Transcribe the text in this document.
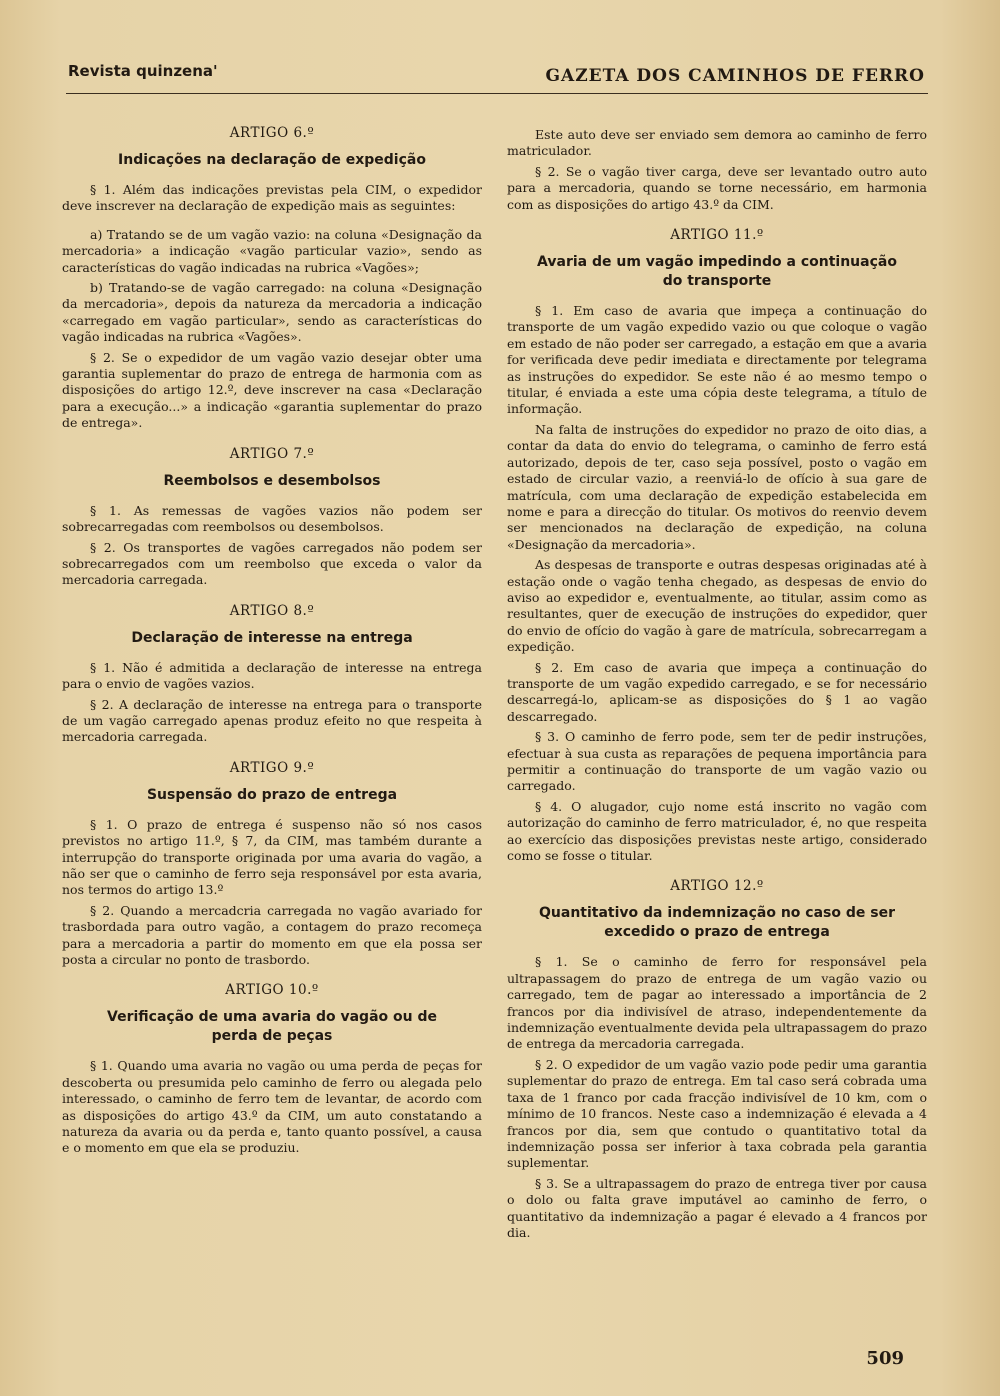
Revista quinzena'	GAZETA DOS CAMINHOS DE FERRO
ARTIGO 6.º
Indicações na declaração de expedição

§ 1. Além das indicações previstas pela CIM, o expedidor deve inscrever na declaração de expedição mais as seguintes:

a) Tratando se de um vagão vazio: na coluna «Designação da mercadoria» a indicação «vagão particular vazio», sendo as características do vagão indicadas na rubrica «Vagões»;

b) Tratando-se de vagão carregado: na coluna «Designação da mercadoria», depois da natureza da mercadoria a indicação «carregado em vagão particular», sendo as características do vagão indicadas na rubrica «Vagões».

§ 2. Se o expedidor de um vagão vazio desejar obter uma garantia suplementar do prazo de entrega de harmonia com as disposições do artigo 12.º, deve inscrever na casa «Declaração para a execução...» a indicação «garantia suplementar do prazo de entrega».

ARTIGO 7.º
Reembolsos e desembolsos

§ 1. As remessas de vagões vazios não podem ser sobrecarregadas com reembolsos ou desembolsos.

§ 2. Os transportes de vagões carregados não podem ser sobrecarregados com um reembolso que exceda o valor da mercadoria carregada.

ARTIGO 8.º
Declaração de interesse na entrega

§ 1. Não é admitida a declaração de interesse na entrega para o envio de vagões vazios.

§ 2. A declaração de interesse na entrega para o transporte de um vagão carregado apenas produz efeito no que respeita à mercadoria carregada.

ARTIGO 9.º
Suspensão do prazo de entrega

§ 1. O prazo de entrega é suspenso não só nos casos previstos no artigo 11.º, § 7, da CIM, mas também durante a interrupção do transporte originada por uma avaria do vagão, a não ser que o caminho de ferro seja responsável por esta avaria, nos termos do artigo 13.º

§ 2. Quando a mercadcria carregada no vagão avariado for trasbordada para outro vagão, a contagem do prazo recomeça para a mercadoria a partir do momento em que ela possa ser posta a circular no ponto de trasbordo.

ARTIGO 10.º
Verificação de uma avaria do vagão ou de
perda de peças

§ 1. Quando uma avaria no vagão ou uma perda de peças for descoberta ou presumida pelo caminho de ferro ou alegada pelo interessado, o caminho de ferro tem de levantar, de acordo com as disposições do artigo 43.º da CIM, um auto constatando a natureza da avaria ou da perda e, tanto quanto possível, a causa e o momento em que ela se produziu.

Este auto deve ser enviado sem demora ao caminho de ferro matriculador.

§ 2. Se o vagão tiver carga, deve ser levantado outro auto para a mercadoria, quando se torne necessário, em harmonia com as disposições do artigo 43.º da CIM.

ARTIGO 11.º
Avaria de um vagão impedindo a continuação
do transporte

§ 1. Em caso de avaria que impeça a continuação do transporte de um vagão expedido vazio ou que coloque o vagão em estado de não poder ser carregado, a estação em que a avaria for verificada deve pedir imediata e directamente por telegrama as instruções do expedidor. Se este não é ao mesmo tempo o titular, é enviada a este uma cópia deste telegrama, a título de informação.

Na falta de instruções do expedidor no prazo de oito dias, a contar da data do envio do telegrama, o caminho de ferro está autorizado, depois de ter, caso seja possível, posto o vagão em estado de circular vazio, a reenviá-lo de ofício à sua gare de matrícula, com uma declaração de expedição estabelecida em nome e para a direcção do titular. Os motivos do reenvio devem ser mencionados na declaração de expedição, na coluna «Designação da mercadoria».

As despesas de transporte e outras despesas originadas até à estação onde o vagão tenha chegado, as despesas de envio do aviso ao expedidor e, eventualmente, ao titular, assim como as resultantes, quer de execução de instruções do expedidor, quer do envio de ofício do vagão à gare de matrícula, sobrecarregam a expedição.

§ 2. Em caso de avaria que impeça a continuação do transporte de um vagão expedido carregado, e se for necessário descarregá-lo, aplicam-se as disposições do § 1 ao vagão descarregado.

§ 3. O caminho de ferro pode, sem ter de pedir instruções, efectuar à sua custa as reparações de pequena importância para permitir a continuação do transporte de um vagão vazio ou carregado.

§ 4. O alugador, cujo nome está inscrito no vagão com autorização do caminho de ferro matriculador, é, no que respeita ao exercício das disposições previstas neste artigo, considerado como se fosse o titular.

ARTIGO 12.º
Quantitativo da indemnização no caso de ser
excedido o prazo de entrega

§ 1. Se o caminho de ferro for responsável pela ultrapassagem do prazo de entrega de um vagão vazio ou carregado, tem de pagar ao interessado a importância de 2 francos por dia indivisível de atraso, independentemente da indemnização eventualmente devida pela ultrapassagem do prazo de entrega da mercadoria carregada.

§ 2. O expedidor de um vagão vazio pode pedir uma garantia suplementar do prazo de entrega. Em tal caso será cobrada uma taxa de 1 franco por cada fracção indivisível de 10 km, com o mínimo de 10 francos. Neste caso a indemnização é elevada a 4 francos por dia, sem que contudo o quantitativo total da indemnização possa ser inferior à taxa cobrada pela garantia suplementar.

§ 3. Se a ultrapassagem do prazo de entrega tiver por causa o dolo ou falta grave imputável ao caminho de ferro, o quantitativo da indemnização a pagar é elevado a 4 francos por dia.

509
